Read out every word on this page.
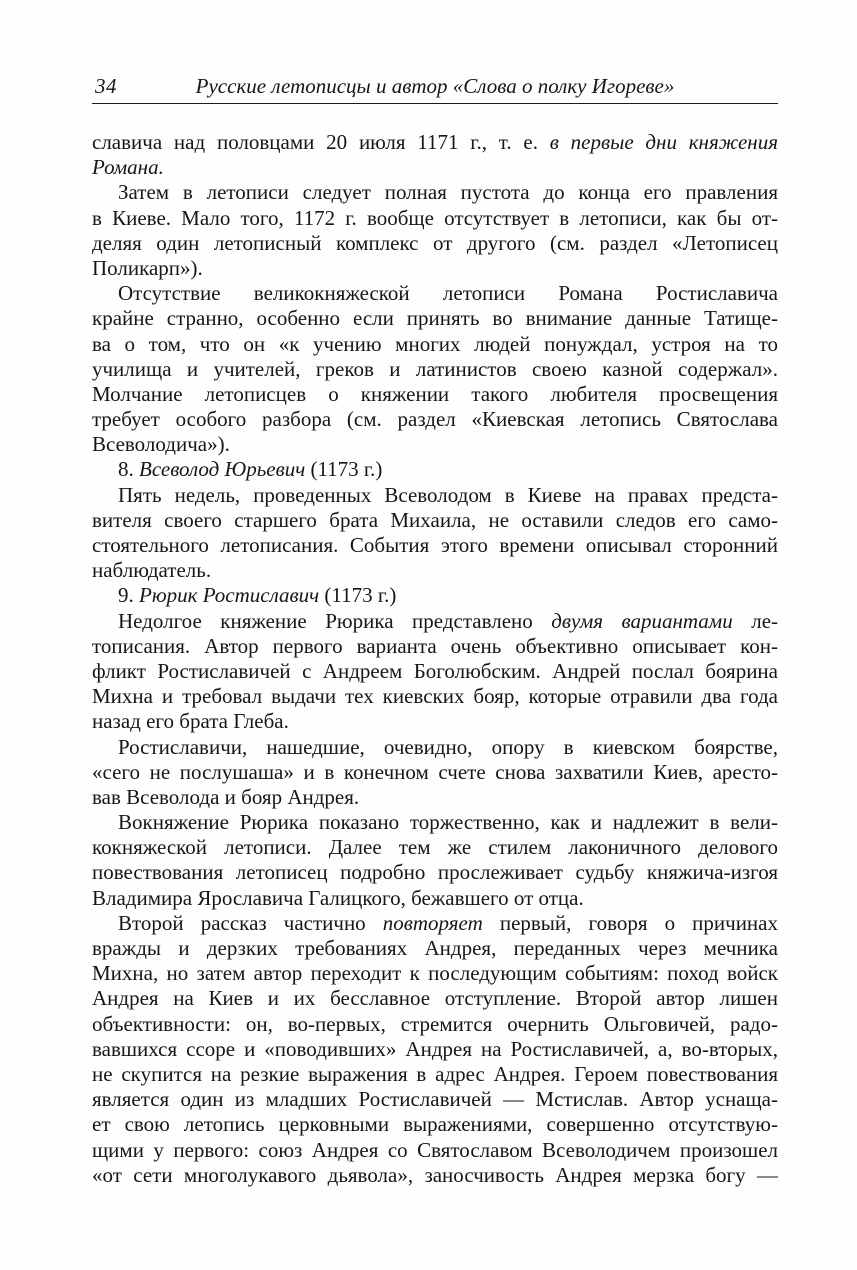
34	Русские летописцы и автор «Слова о полку Игореве»
славича над половцами 20 июля 1171 г., т. е. в первые дни княжения
Романа.
Затем в летописи следует полная пустота до конца его правления
в Киеве. Мало того, 1172 г. вообще отсутствует в летописи, как бы от-
деляя один летописный комплекс от другого (см. раздел «Летописец
Поликарп»).
Отсутствие великокняжеской летописи Романа Ростиславича
крайне странно, особенно если принять во внимание данные Татище-
ва о том, что он «к учению многих людей понуждал, устроя на то
училища и учителей, греков и латинистов своею казной содержал».
Молчание летописцев о княжении такого любителя просвещения
требует особого разбора (см. раздел «Киевская летопись Святослава
Всеволодича»).
8. Всеволод Юрьевич (1173 г.)
Пять недель, проведенных Всеволодом в Киеве на правах предста-
вителя своего старшего брата Михаила, не оставили следов его само-
стоятельного летописания. События этого времени описывал сторонний
наблюдатель.
9. Рюрик Ростиславич (1173 г.)
Недолгое княжение Рюрика представлено двумя вариантами ле-
тописания. Автор первого варианта очень объективно описывает кон-
фликт Ростиславичей с Андреем Боголюбским. Андрей послал боярина
Михна и требовал выдачи тех киевских бояр, которые отравили два года
назад его брата Глеба.
Ростиславичи, нашедшие, очевидно, опору в киевском боярстве,
«сего не послушаша» и в конечном счете снова захватили Киев, аресто-
вав Всеволода и бояр Андрея.
Вокняжение Рюрика показано торжественно, как и надлежит в вели-
кокняжеской летописи. Далее тем же стилем лаконичного делового
повествования летописец подробно прослеживает судьбу княжича-изгоя
Владимира Ярославича Галицкого, бежавшего от отца.
Второй рассказ частично повторяет первый, говоря о причинах
вражды и дерзких требованиях Андрея, переданных через мечника
Михна, но затем автор переходит к последующим событиям: поход войск
Андрея на Киев и их бесславное отступление. Второй автор лишен
объективности: он, во-первых, стремится очернить Ольговичей, радо-
вавшихся ссоре и «поводивших» Андрея на Ростиславичей, а, во-вторых,
не скупится на резкие выражения в адрес Андрея. Героем повествования
является один из младших Ростиславичей — Мстислав. Автор уснаща-
ет свою летопись церковными выражениями, совершенно отсутствую-
щими у первого: союз Андрея со Святославом Всеволодичем произошел
«от сети многолукавого дьявола», заносчивость Андрея мерзка богу —
